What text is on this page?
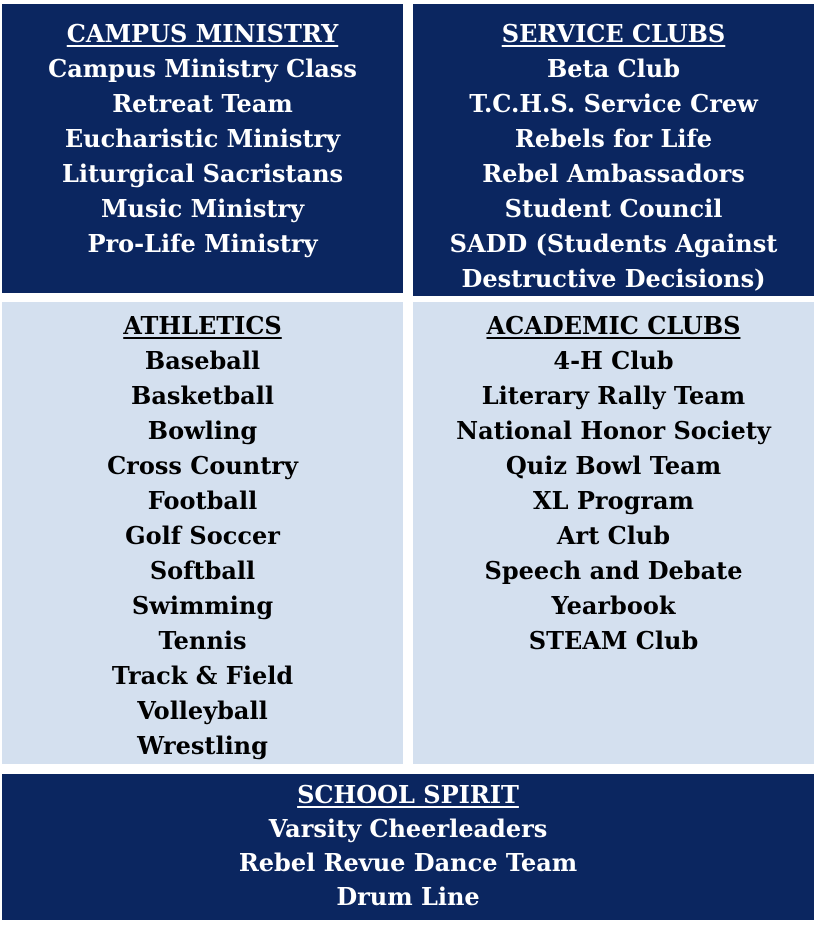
CAMPUS MINISTRY
Campus Ministry Class
Retreat Team
Eucharistic Ministry
Liturgical Sacristans
Music Ministry
Pro-Life Ministry
SERVICE CLUBS
Beta Club
T.C.H.S. Service Crew
Rebels for Life
Rebel Ambassadors
Student Council
SADD (Students Against
Destructive Decisions)
ATHLETICS
Baseball
Basketball
Bowling
Cross Country
Football
Golf Soccer
Softball
Swimming
Tennis
Track & Field
Volleyball
Wrestling
ACADEMIC CLUBS
4-H Club
Literary Rally Team
National Honor Society
Quiz Bowl Team
XL Program
Art Club
Speech and Debate
Yearbook
STEAM Club
SCHOOL SPIRIT
Varsity Cheerleaders
Rebel Revue Dance Team
Drum Line
